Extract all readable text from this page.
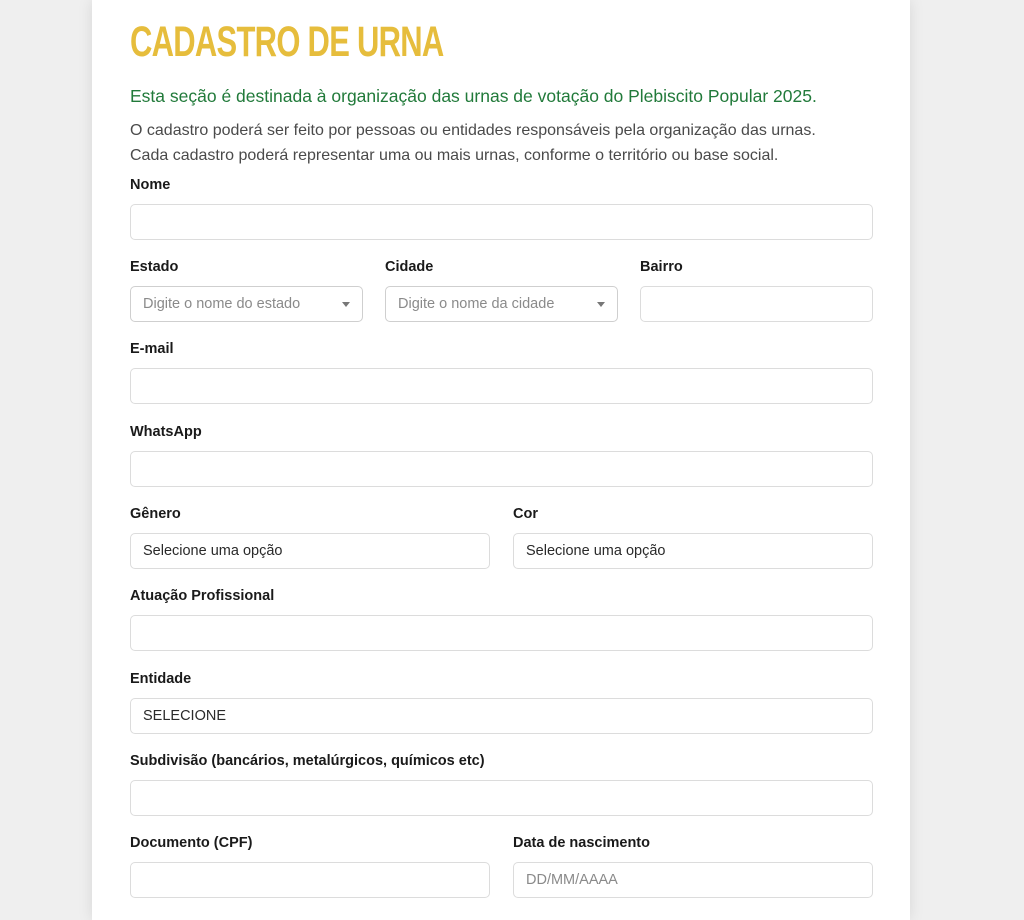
CADASTRO DE URNA

Esta seção é destinada à organização das urnas de votação do Plebiscito Popular 2025.

O cadastro poderá ser feito por pessoas ou entidades responsáveis pela organização das urnas.

Cada cadastro poderá representar uma ou mais urnas, conforme o território ou base social.

Nome
Estado
Digite o nome do estado
Cidade
Digite o nome da cidade
Bairro
E-mail
WhatsApp
Gênero
Selecione uma opção
Cor
Selecione uma opção
Atuação Profissional
Entidade
SELECIONE
Subdivisão (bancários, metalúrgicos, químicos etc)
Documento (CPF)	Data de nascimento
DD/MM/AAAA
